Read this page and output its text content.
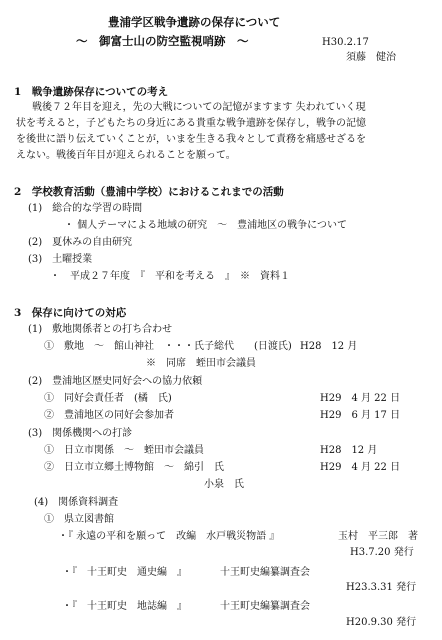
豊浦学区戦争遺跡の保存について
～　御富士山の防空監視哨跡　～	H30.2.17
須藤　健治
1　戦争遺跡保存についての考え
戦後７２年目を迎え，先の大戦についての記憶がますます 失われていく現
状を考えると，子どもたちの身近にある貴重な戦争遺跡を保存し，戦争の記憶
を後世に語り伝えていくことが，いまを生きる我々として責務を痛感せざるを
えない。戦後百年目が迎えられることを願って。
2　学校教育活動（豊浦中学校）におけるこれまでの活動
(1)　総合的な学習の時間
・ 個人テーマによる地域の研究　～　豊浦地区の戦争について
(2)　夏休みの自由研究
(3)　土曜授業
・　平成２７年度　『　平和を考える　』　※　資料１
3　保存に向けての対応
(1)　敷地関係者との打ち合わせ
①　敷地　～　館山神社　・・・氏子総代　　(日渡氏) H28　12 月
※　同席　蛭田市会議員
(2)　豊浦地区歴史同好会への協力依頼
①　同好会責任者　(橘　氏)	H29　4 月 22 日
②　豊浦地区の同好会参加者	H29　6 月 17 日
(3)　関係機関への打診
①　日立市関係　～　蛭田市会議員	H28　12 月
②　日立市立郷土博物館　～　綿引　氏	H29　4 月 22 日
小泉　氏
(4)　関係資料調査
①　県立図書館
・『 永遠の平和を願って　改編　水戸戦災物語 』	玉村　平三郎　著
H3.7.20 発行
・『　十王町史　通史編　』	十王町史編纂調査会
H23.3.31 発行
・『　十王町史　地誌編　』	十王町史編纂調査会
H20.9.30 発行
